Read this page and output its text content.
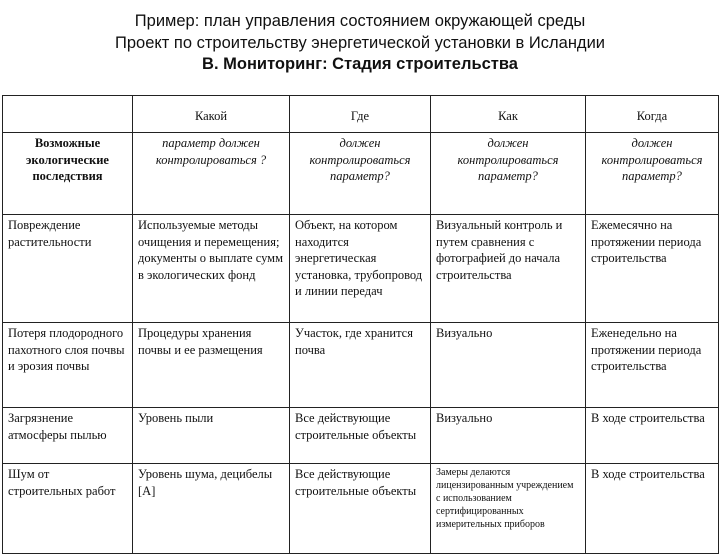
Пример: план управления состоянием окружающей среды
Проект по строительству энергетической установки в Исландии
B. Мониторинг: Стадия строительства
	Какой	Где	Как	Когда
Возможные экологические последствия	параметр должен контролироваться ?	должен контролироваться параметр?	должен контролироваться параметр?	должен контролироваться параметр?
Повреждение растительности	Используемые методы очищения и перемещения; документы о выплате сумм в экологических фонд	Объект, на котором находится энергетическая установка, трубопровод и линии передач	Визуальный контроль и путем сравнения с фотографией до начала строительства	Ежемесячно на протяжении периода строительства
Потеря плодородного пахотного слоя почвы и эрозия почвы	Процедуры хранения почвы и ее размещения	Участок, где хранится почва	Визуально	Еженедельно на протяжении периода строительства
Загрязнение атмосферы пылью	Уровень пыли	Все действующие строительные объекты	Визуально	В ходе строительства
Шум от строительных работ	Уровень шума, децибелы [A]	Все действующие строительные объекты	Замеры делаются лицензированным учреждением с использованием сертифицированных измерительных приборов	В ходе строительства
